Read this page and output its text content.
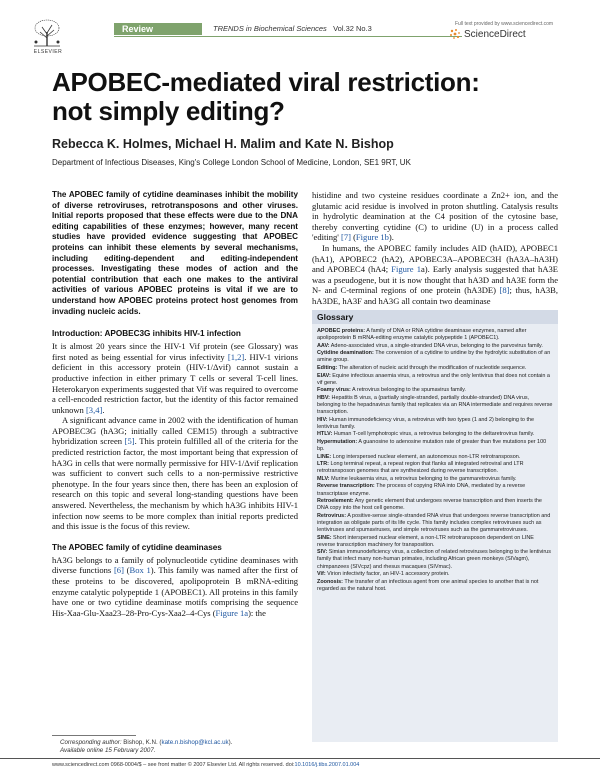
ELSEVIER
Review	TRENDS in Biochemical Sciences Vol.32 No.3	Full text provided by www.sciencedirect.com
ScienceDirect
APOBEC-mediated viral restriction:
not simply editing?
Rebecca K. Holmes, Michael H. Malim and Kate N. Bishop
Department of Infectious Diseases, King's College London School of Medicine, London, SE1 9RT, UK

The APOBEC family of cytidine deaminases inhibit the mobility of diverse retroviruses, retrotransposons and other viruses. Initial reports proposed that these effects were due to the DNA editing capabilities of these enzymes; however, many recent studies have provided evidence suggesting that APOBEC proteins can inhibit these elements by several mechanisms, including editing-dependent and editing-independent processes. Investigating these modes of action and the potential contribution that each one makes to the antiviral activities of various APOBEC proteins is vital if we are to understand how APOBEC proteins protect host genomes from invading nucleic acids.

Introduction: APOBEC3G inhibits HIV-1 infection

It is almost 20 years since the HIV-1 Vif protein (see Glossary) was first noted as being essential for virus infectivity [1,2]. HIV-1 virions deficient in this accessory protein (HIV-1/Δvif) cannot sustain a productive infection in either primary T cells or several T-cell lines. Heterokaryon experiments suggested that Vif was required to overcome a cell-encoded restriction factor, but the identity of this factor remained unknown [3,4].

A significant advance came in 2002 with the identification of human APOBEC3G (hA3G; initially called CEM15) through a subtractive hybridization screen [5]. This protein fulfilled all of the criteria for the predicted restriction factor, the most important being that expression of hA3G in cells that were normally permissive for HIV-1/Δvif replication was sufficient to convert such cells to a non-permissive restrictive phenotype. In the four years since then, there has been an explosion of research on this topic and several long-standing questions have been answered. Nevertheless, the mechanism by which hA3G inhibits HIV-1 infection now seems to be more complex than initial reports predicted and this issue is the focus of this review.

The APOBEC family of cytidine deaminases

hA3G belongs to a family of polynucleotide cytidine deaminases with diverse functions [6] (Box 1). This family was named after the first of these proteins to be discovered, apolipoprotein B mRNA-editing enzyme catalytic polypeptide 1 (APOBEC1). All proteins in this family have one or two cytidine deaminase motifs comprising the sequence His-Xaa-Glu-Xaa23–28-Pro-Cys-Xaa2–4-Cys (Figure 1a): the

histidine and two cysteine residues coordinate a Zn2+ ion, and the glutamic acid residue is involved in proton shuttling. Catalysis results in hydrolytic deamination at the C4 position of the cytosine base, thereby converting cytidine (C) to uridine (U) in a process called 'editing' [7] (Figure 1b).

In humans, the APOBEC family includes AID (hAID), APOBEC1 (hA1), APOBEC2 (hA2), APOBEC3A–APOBEC3H (hA3A–hA3H) and APOBEC4 (hA4; Figure 1a). Early analysis suggested that hA3E was a pseudogene, but it is now thought that hA3D and hA3E form the N- and C-terminal regions of one protein (hA3DE) [8]; thus, hA3B, hA3DE, hA3F and hA3G all contain two deaminase

Glossary

APOBEC proteins: A family of DNA or RNA cytidine deaminase enzymes, named after apolipoprotein B mRNA-editing enzyme catalytic polypeptide 1 (APOBEC1).

AAV: Adeno-associated virus, a single-stranded DNA virus, belonging to the parvovirus family.

Cytidine deamination: The conversion of a cytidine to uridine by the hydrolytic substitution of an amine group.

Editing: The alteration of nucleic acid through the modification of nucleotide sequence.

EIAV: Equine infectious anaemia virus, a retrovirus and the only lentivirus that does not contain a vif gene.

Foamy virus: A retrovirus belonging to the spumavirus family.

HBV: Hepatitis B virus, a (partially single-stranded, partially double-stranded) DNA virus, belonging to the hepadnavirus family that replicates via an RNA intermediate and requires reverse transcription.

HIV: Human immunodeficiency virus, a retrovirus with two types (1 and 2) belonging to the lentivirus family.

HTLV: Human T-cell lymphotropic virus, a retrovirus belonging to the deltaretrovirus family.

Hypermutation: A guanosine to adenosine mutation rate of greater than five mutations per 100 bp.

LINE: Long interspersed nuclear element, an autonomous non-LTR retrotransposon.

LTR: Long terminal repeat, a repeat region that flanks all integrated retroviral and LTR retrotransposon genomes that are synthesized during reverse transcription.

MLV: Murine leukaemia virus, a retrovirus belonging to the gammaretrovirus family.

Reverse transcription: The process of copying RNA into DNA, mediated by a reverse transcriptase enzyme.

Retroelement: Any genetic element that undergoes reverse transcription and then inserts the DNA copy into the host cell genome.

Retrovirus: A positive-sense single-stranded RNA virus that undergoes reverse transcription and integration as obligate parts of its life cycle. This family includes complex retroviruses such as lentiviruses and spumaviruses, and simple retroviruses such as the gammaretroviruses.

SINE: Short interspersed nuclear element, a non-LTR retrotransposon dependent on LINE reverse transcription machinery for transposition.

SIV: Simian immunodeficiency virus, a collection of related retroviruses belonging to the lentivirus family that infect many non-human primates, including African green monkeys (SIVagm), chimpanzees (SIVcpz) and rhesus macaques (SIVmac).

Vif: Virion infectivity factor, an HIV-1 accessory protein.

Zoonosis: The transfer of an infectious agent from one animal species to another that is not regarded as the natural host.

Corresponding author: Bishop, K.N. (kate.n.bishop@kcl.ac.uk).
Available online 15 February 2007.
www.sciencedirect.com 0968-0004/$ – see front matter © 2007 Elsevier Ltd. All rights reserved. doi:10.1016/j.tibs.2007.01.004
